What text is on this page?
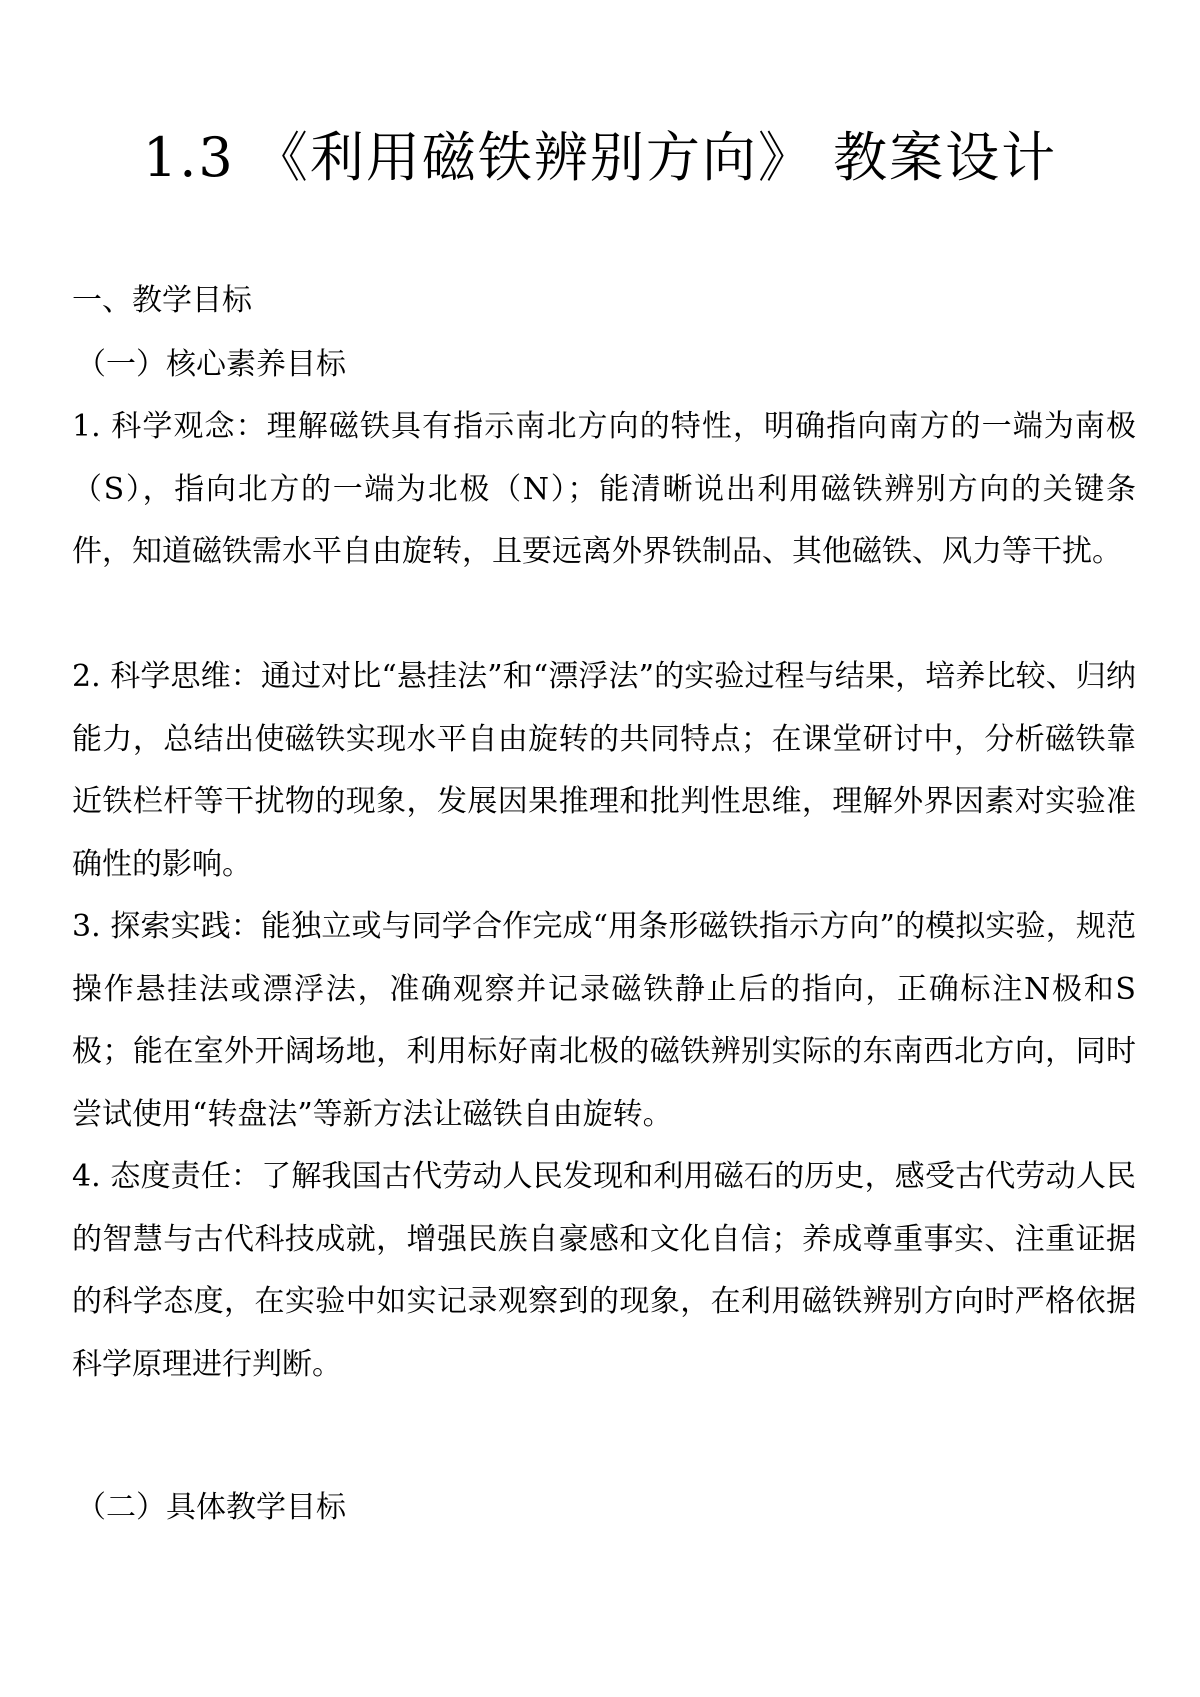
1.3 《利用磁铁辨别方向》 教案设计
一、教学目标
（一）核心素养目标

1. 科学观念：理解磁铁具有指示南北方向的特性，明确指向南方的一端为南极（S），指向北方的一端为北极（N）；能清晰说出利用磁铁辨别方向的关键条件，知道磁铁需水平自由旋转，且要远离外界铁制品、其他磁铁、风力等干扰。

2. 科学思维：通过对比“悬挂法”和“漂浮法”的实验过程与结果，培养比较、归纳能力，总结出使磁铁实现水平自由旋转的共同特点；在课堂研讨中，分析磁铁靠近铁栏杆等干扰物的现象，发展因果推理和批判性思维，理解外界因素对实验准确性的影响。

3. 探索实践：能独立或与同学合作完成“用条形磁铁指示方向”的模拟实验，规范操作悬挂法或漂浮法，准确观察并记录磁铁静止后的指向，正确标注N极和S极；能在室外开阔场地，利用标好南北极的磁铁辨别实际的东南西北方向，同时尝试使用“转盘法”等新方法让磁铁自由旋转。

4. 态度责任：了解我国古代劳动人民发现和利用磁石的历史，感受古代劳动人民的智慧与古代科技成就，增强民族自豪感和文化自信；养成尊重事实、注重证据的科学态度，在实验中如实记录观察到的现象，在利用磁铁辨别方向时严格依据科学原理进行判断。

（二）具体教学目标
